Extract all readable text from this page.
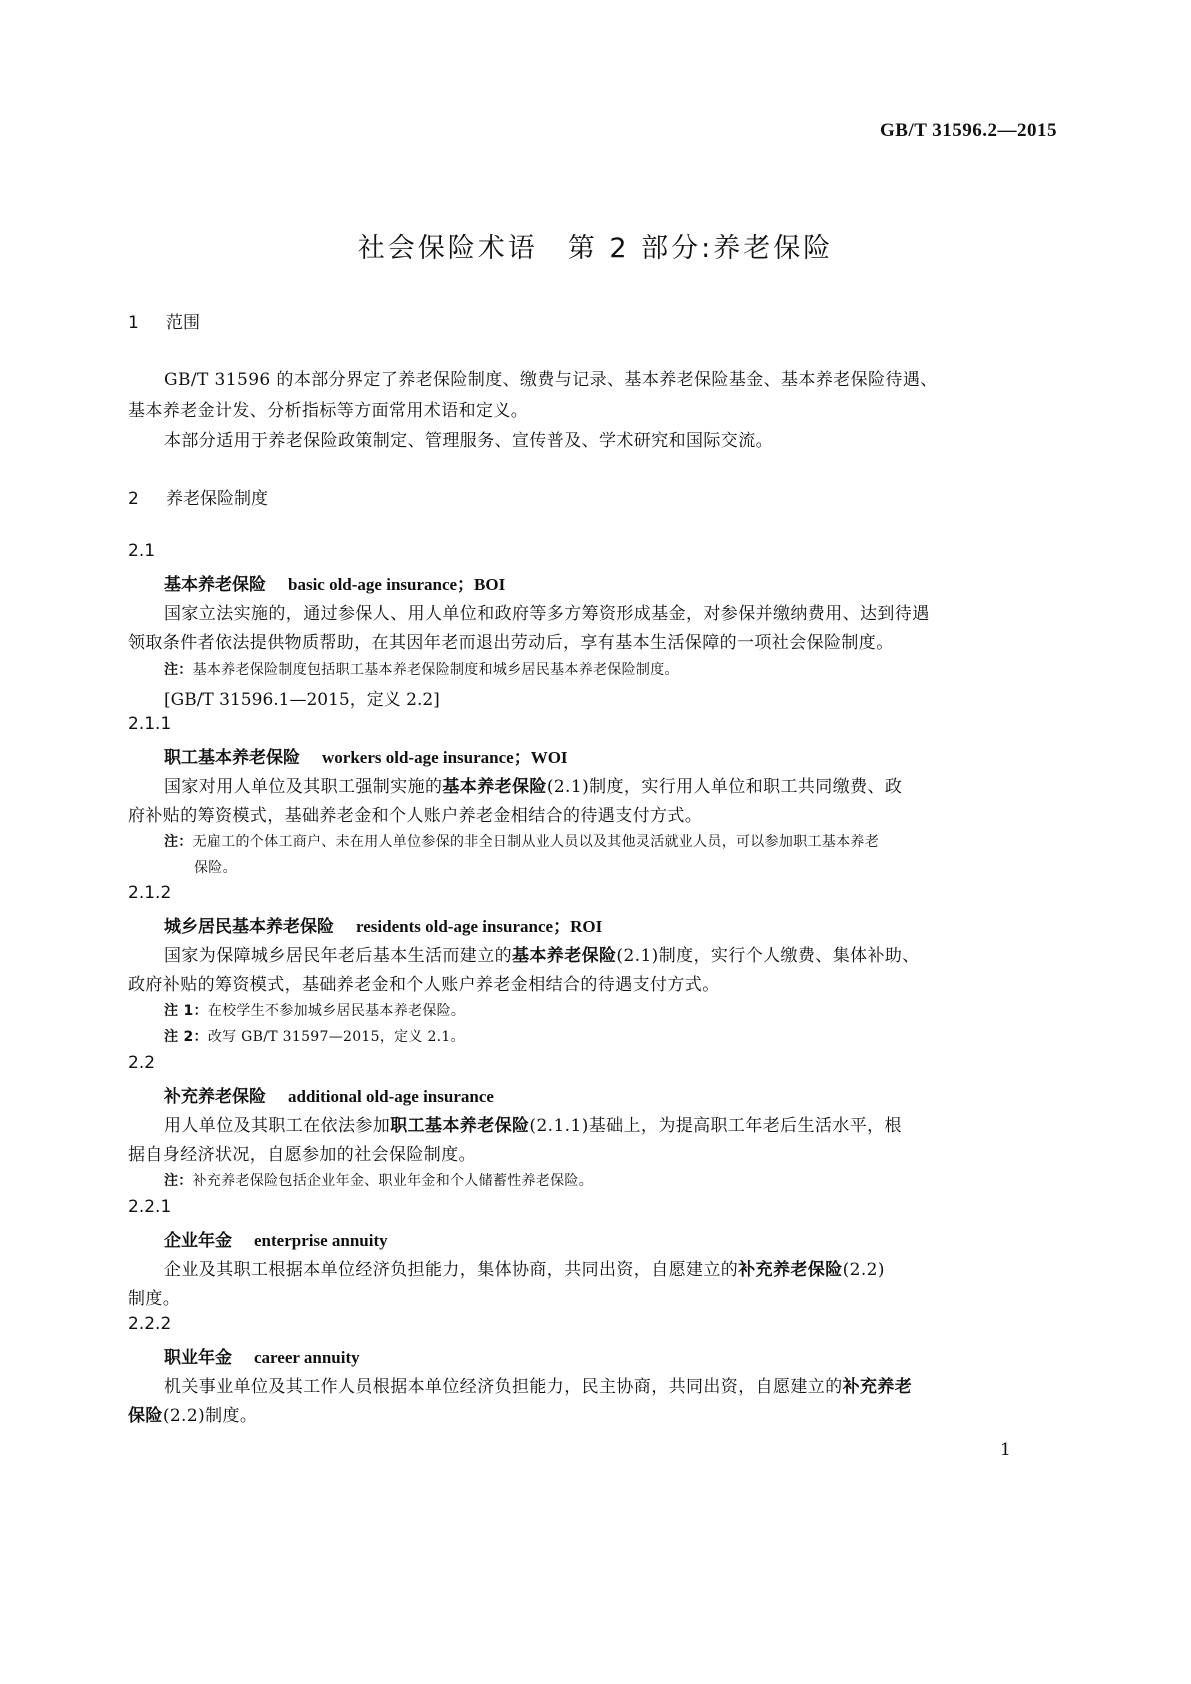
GB/T 31596.2—2015
社会保险术语　第 2 部分:养老保险
1 范围
GB/T 31596 的本部分界定了养老保险制度、缴费与记录、基本养老保险基金、基本养老保险待遇、
基本养老金计发、分析指标等方面常用术语和定义。
本部分适用于养老保险政策制定、管理服务、宣传普及、学术研究和国际交流。
2 养老保险制度
2.1
基本养老保险 basic old-age insurance；BOI
国家立法实施的，通过参保人、用人单位和政府等多方筹资形成基金，对参保并缴纳费用、达到待遇
领取条件者依法提供物质帮助，在其因年老而退出劳动后，享有基本生活保障的一项社会保险制度。
注：基本养老保险制度包括职工基本养老保险制度和城乡居民基本养老保险制度。
[GB/T 31596.1—2015，定义 2.2]
2.1.1
职工基本养老保险 workers old-age insurance；WOI
国家对用人单位及其职工强制实施的基本养老保险(2.1)制度，实行用人单位和职工共同缴费、政
府补贴的筹资模式，基础养老金和个人账户养老金相结合的待遇支付方式。
注：无雇工的个体工商户、未在用人单位参保的非全日制从业人员以及其他灵活就业人员，可以参加职工基本养老
保险。
2.1.2
城乡居民基本养老保险 residents old-age insurance；ROI
国家为保障城乡居民年老后基本生活而建立的基本养老保险(2.1)制度，实行个人缴费、集体补助、
政府补贴的筹资模式，基础养老金和个人账户养老金相结合的待遇支付方式。
注 1：在校学生不参加城乡居民基本养老保险。
注 2：改写 GB/T 31597—2015，定义 2.1。
2.2
补充养老保险 additional old-age insurance
用人单位及其职工在依法参加职工基本养老保险(2.1.1)基础上，为提高职工年老后生活水平，根
据自身经济状况，自愿参加的社会保险制度。
注：补充养老保险包括企业年金、职业年金和个人储蓄性养老保险。
2.2.1
企业年金 enterprise annuity
企业及其职工根据本单位经济负担能力，集体协商，共同出资，自愿建立的补充养老保险(2.2)
制度。
2.2.2
职业年金 career annuity
机关事业单位及其工作人员根据本单位经济负担能力，民主协商，共同出资，自愿建立的补充养老
保险(2.2)制度。
1
